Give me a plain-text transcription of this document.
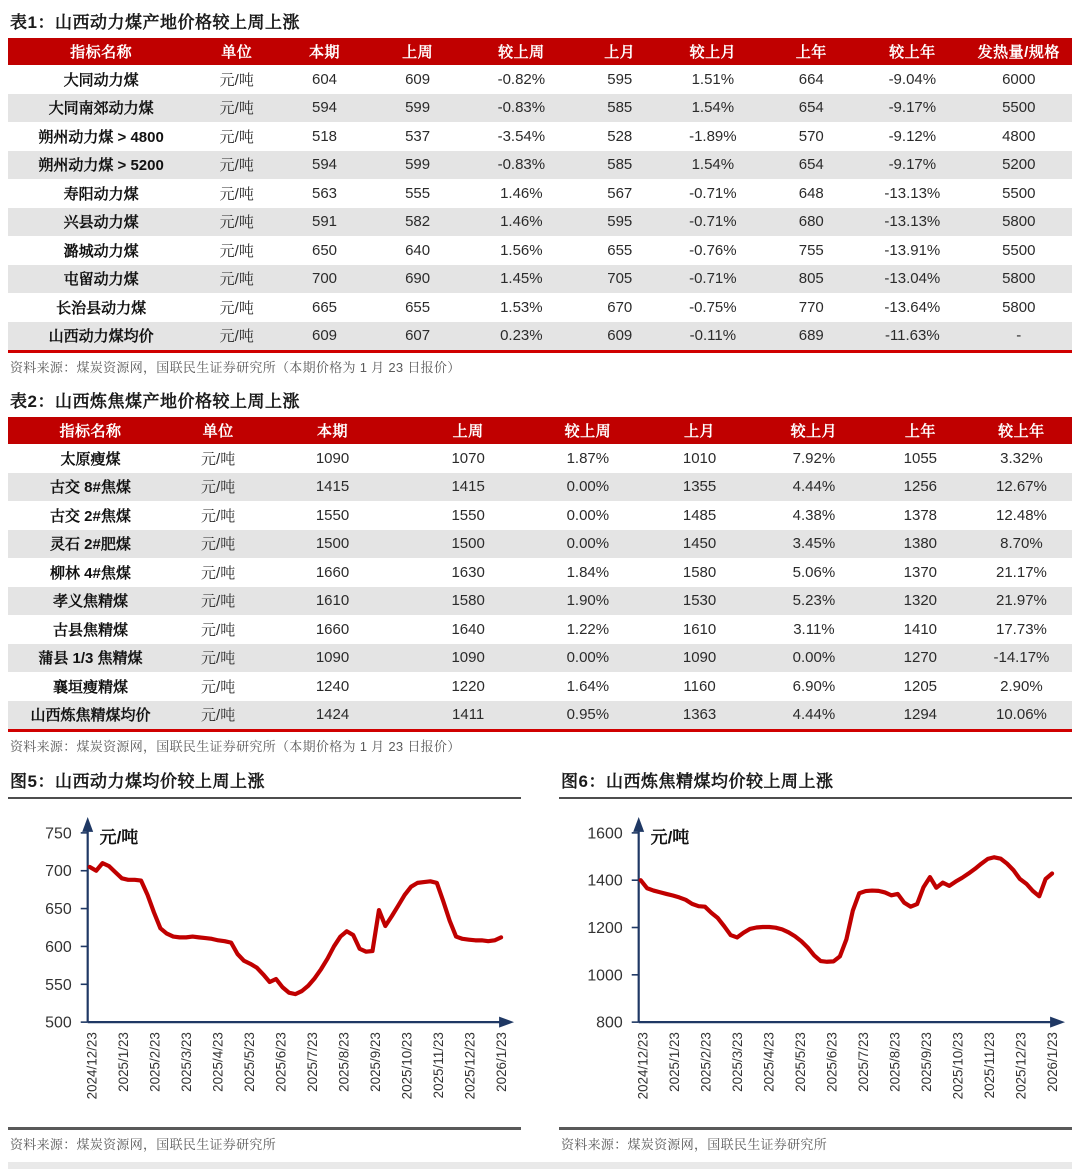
表1：山西动力煤产地价格较上周上涨
指标名称	单位	本期	上周	较上周	上月	较上月	上年	较上年	发热量/规格
大同动力煤	元/吨	604	609	-0.82%	595	1.51%	664	-9.04%	6000
大同南郊动力煤	元/吨	594	599	-0.83%	585	1.54%	654	-9.17%	5500
朔州动力煤 > 4800	元/吨	518	537	-3.54%	528	-1.89%	570	-9.12%	4800
朔州动力煤 > 5200	元/吨	594	599	-0.83%	585	1.54%	654	-9.17%	5200
寿阳动力煤	元/吨	563	555	1.46%	567	-0.71%	648	-13.13%	5500
兴县动力煤	元/吨	591	582	1.46%	595	-0.71%	680	-13.13%	5800
潞城动力煤	元/吨	650	640	1.56%	655	-0.76%	755	-13.91%	5500
屯留动力煤	元/吨	700	690	1.45%	705	-0.71%	805	-13.04%	5800
长治县动力煤	元/吨	665	655	1.53%	670	-0.75%	770	-13.64%	5800
山西动力煤均价	元/吨	609	607	0.23%	609	-0.11%	689	-11.63%	-
资料来源：煤炭资源网，国联民生证券研究所（本期价格为 1 月 23 日报价）
表2：山西炼焦煤产地价格较上周上涨
指标名称	单位	本期	上周	较上周	上月	较上月	上年	较上年
太原瘦煤	元/吨	1090	1070	1.87%	1010	7.92%	1055	3.32%
古交 8#焦煤	元/吨	1415	1415	0.00%	1355	4.44%	1256	12.67%
古交 2#焦煤	元/吨	1550	1550	0.00%	1485	4.38%	1378	12.48%
灵石 2#肥煤	元/吨	1500	1500	0.00%	1450	3.45%	1380	8.70%
柳林 4#焦煤	元/吨	1660	1630	1.84%	1580	5.06%	1370	21.17%
孝义焦精煤	元/吨	1610	1580	1.90%	1530	5.23%	1320	21.97%
古县焦精煤	元/吨	1660	1640	1.22%	1610	3.11%	1410	17.73%
蒲县 1/3 焦精煤	元/吨	1090	1090	0.00%	1090	0.00%	1270	-14.17%
襄垣瘦精煤	元/吨	1240	1220	1.64%	1160	6.90%	1205	2.90%
山西炼焦精煤均价	元/吨	1424	1411	0.95%	1363	4.44%	1294	10.06%
资料来源：煤炭资源网，国联民生证券研究所（本期价格为 1 月 23 日报价）
图5：山西动力煤均价较上周上涨
500
550
600
650
700
750 元/吨
2024/12/23 2025/1/23 2025/2/23 2025/3/23 2025/4/23 2025/5/23 2025/6/23 2025/7/23 2025/8/23 2025/9/23 2025/10/23 2025/11/23 2025/12/23 2026/1/23
资料来源：煤炭资源网，国联民生证券研究所
图6：山西炼焦精煤均价较上周上涨
800
1000
1200
1400
1600 元/吨
2024/12/23 2025/1/23 2025/2/23 2025/3/23 2025/4/23 2025/5/23 2025/6/23 2025/7/23 2025/8/23 2025/9/23 2025/10/23 2025/11/23 2025/12/23 2026/1/23
资料来源：煤炭资源网，国联民生证券研究所
